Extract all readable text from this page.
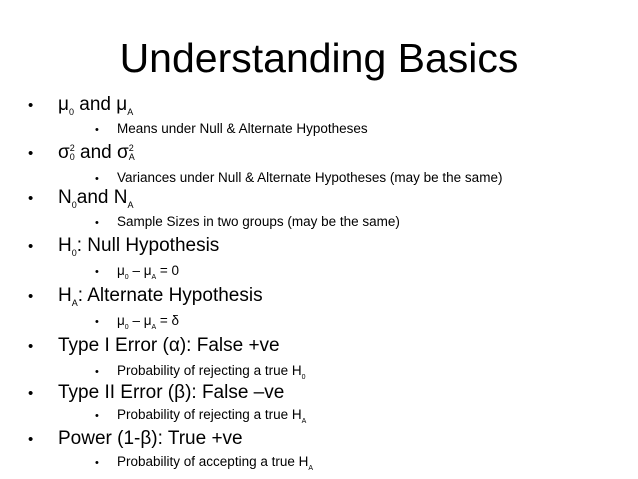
Understanding Basics
• $\mu_0$ and $\mu_A$
• Means under Null & Alternate Hypotheses
• σ 2
0 and σ 2
A
• Variances under Null & Alternate Hypotheses (may be the same)
• $N_0and$ $N_A$
• Sample Sizes in two groups (may be the same)
• $H_0$: Null Hypothesis
• $\mu_0 - \mu_A = 0$
• $H_A$: Alternate Hypothesis
• $\mu_0 - \mu_A = \delta$
• Type I Error (α): False +ve
• Probability of rejecting a true $H_0$
• Type II Error (β): False –ve
• Probability of rejecting a true $H_A$
• Power (1-β): True +ve
• Probability of accepting a true $H_A$
